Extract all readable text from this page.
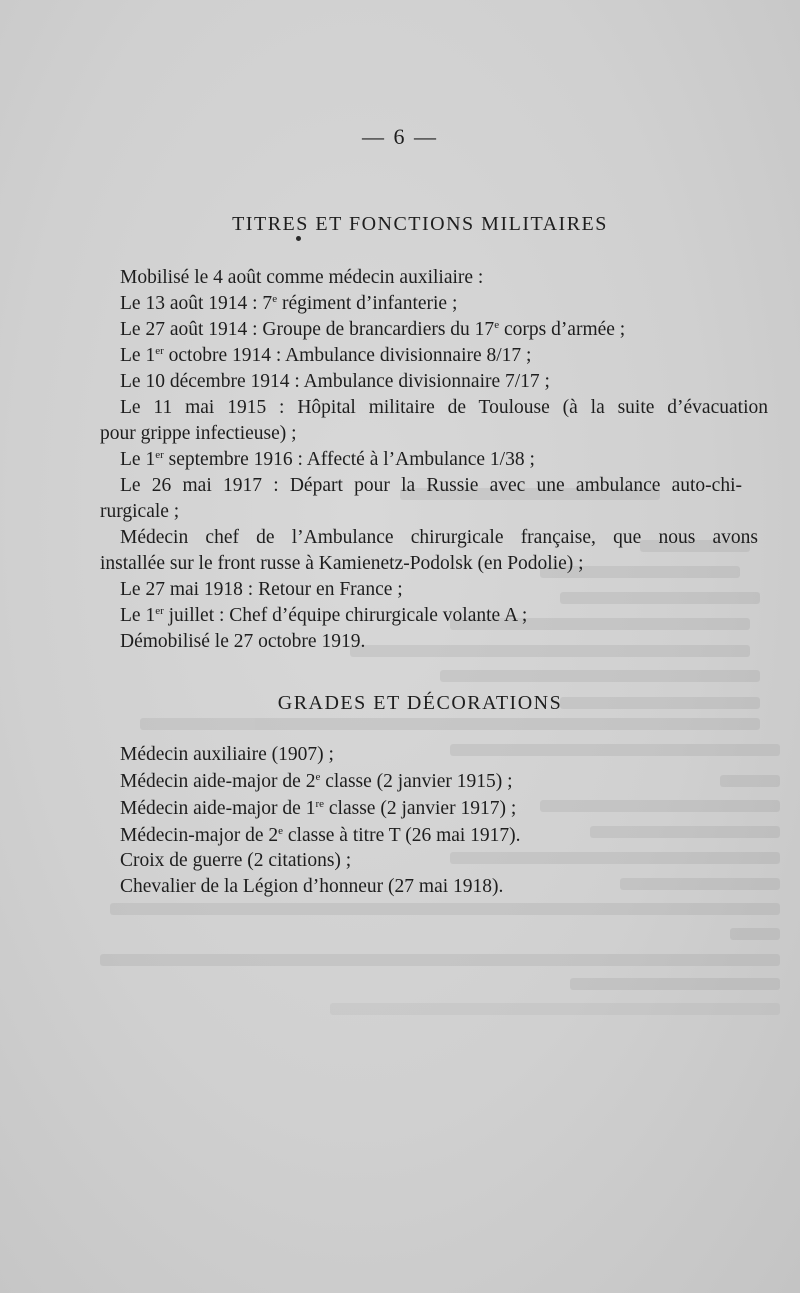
— 6 —
TITRES ET FONCTIONS MILITAIRES
Mobilisé le 4 août comme médecin auxiliaire :
Le 13 août 1914 : 7e régiment d’infanterie ;
Le 27 août 1914 : Groupe de brancardiers du 17e corps d’armée ;
Le 1er octobre 1914 : Ambulance divisionnaire 8/17 ;
Le 10 décembre 1914 : Ambulance divisionnaire 7/17 ;
Le 11 mai 1915 : Hôpital militaire de Toulouse (à la suite d’évacuation
pour grippe infectieuse) ;
Le 1er septembre 1916 : Affecté à l’Ambulance 1/38 ;
Le 26 mai 1917 : Départ pour la Russie avec une ambulance auto-chi-
rurgicale ;
Médecin chef de l’Ambulance chirurgicale française, que nous avons
installée sur le front russe à Kamienetz-Podolsk (en Podolie) ;
Le 27 mai 1918 : Retour en France ;
Le 1er juillet : Chef d’équipe chirurgicale volante A ;
Démobilisé le 27 octobre 1919.
GRADES ET DÉCORATIONS
Médecin auxiliaire (1907) ;
Médecin aide-major de 2e classe (2 janvier 1915) ;
Médecin aide-major de 1re classe (2 janvier 1917) ;
Médecin-major de 2e classe à titre T (26 mai 1917).
Croix de guerre (2 citations) ;
Chevalier de la Légion d’honneur (27 mai 1918).
